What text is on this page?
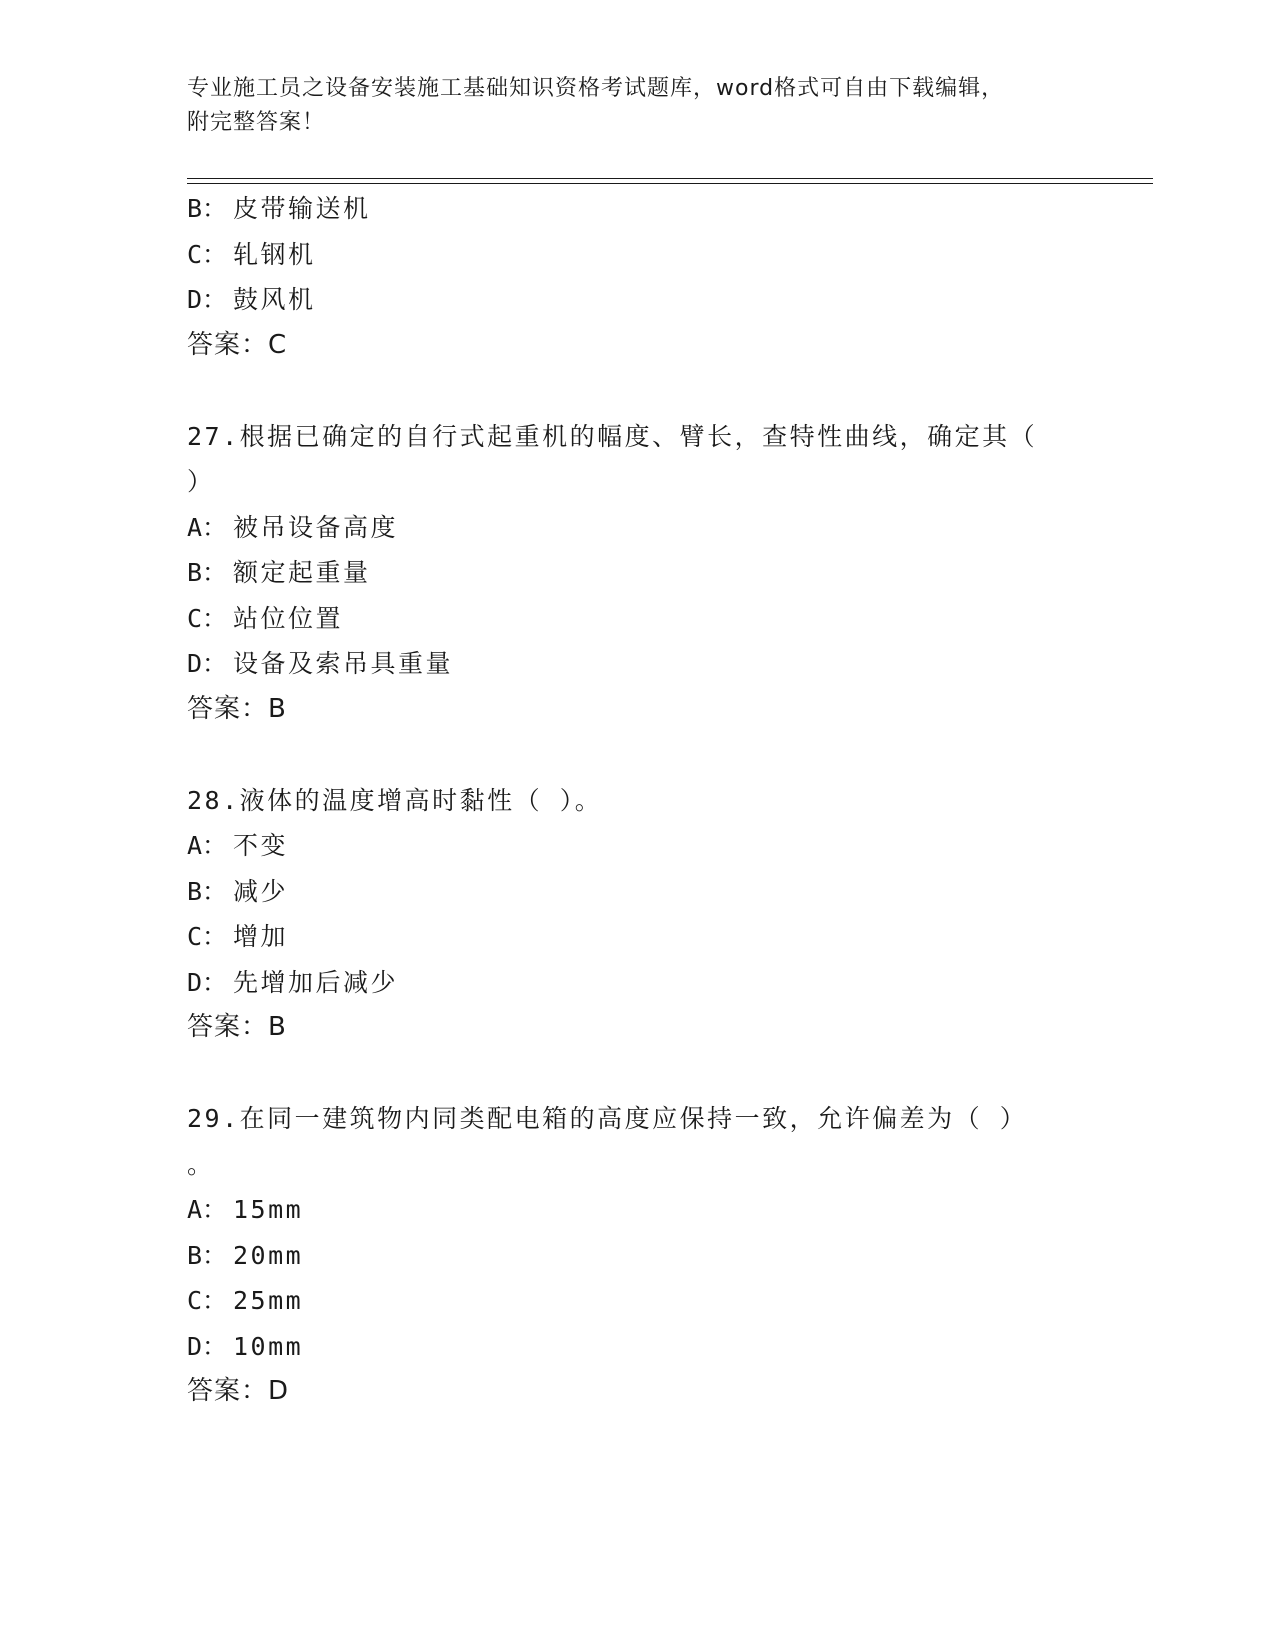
专业施工员之设备安装施工基础知识资格考试题库，word格式可自由下载编辑，
附完整答案！
B： 皮带输送机
C： 轧钢机
D： 鼓风机
答案：C
27.根据已确定的自行式起重机的幅度、臂长，查特性曲线，确定其（
）
A： 被吊设备高度
B： 额定起重量
C： 站位位置
D： 设备及索吊具重量
答案：B
28.液体的温度增高时黏性（ ）。
A： 不变
B： 减少
C： 增加
D： 先增加后减少
答案：B
29.在同一建筑物内同类配电箱的高度应保持一致，允许偏差为（ ）
。
A： 15mm
B： 20mm
C： 25mm
D： 10mm
答案：D
